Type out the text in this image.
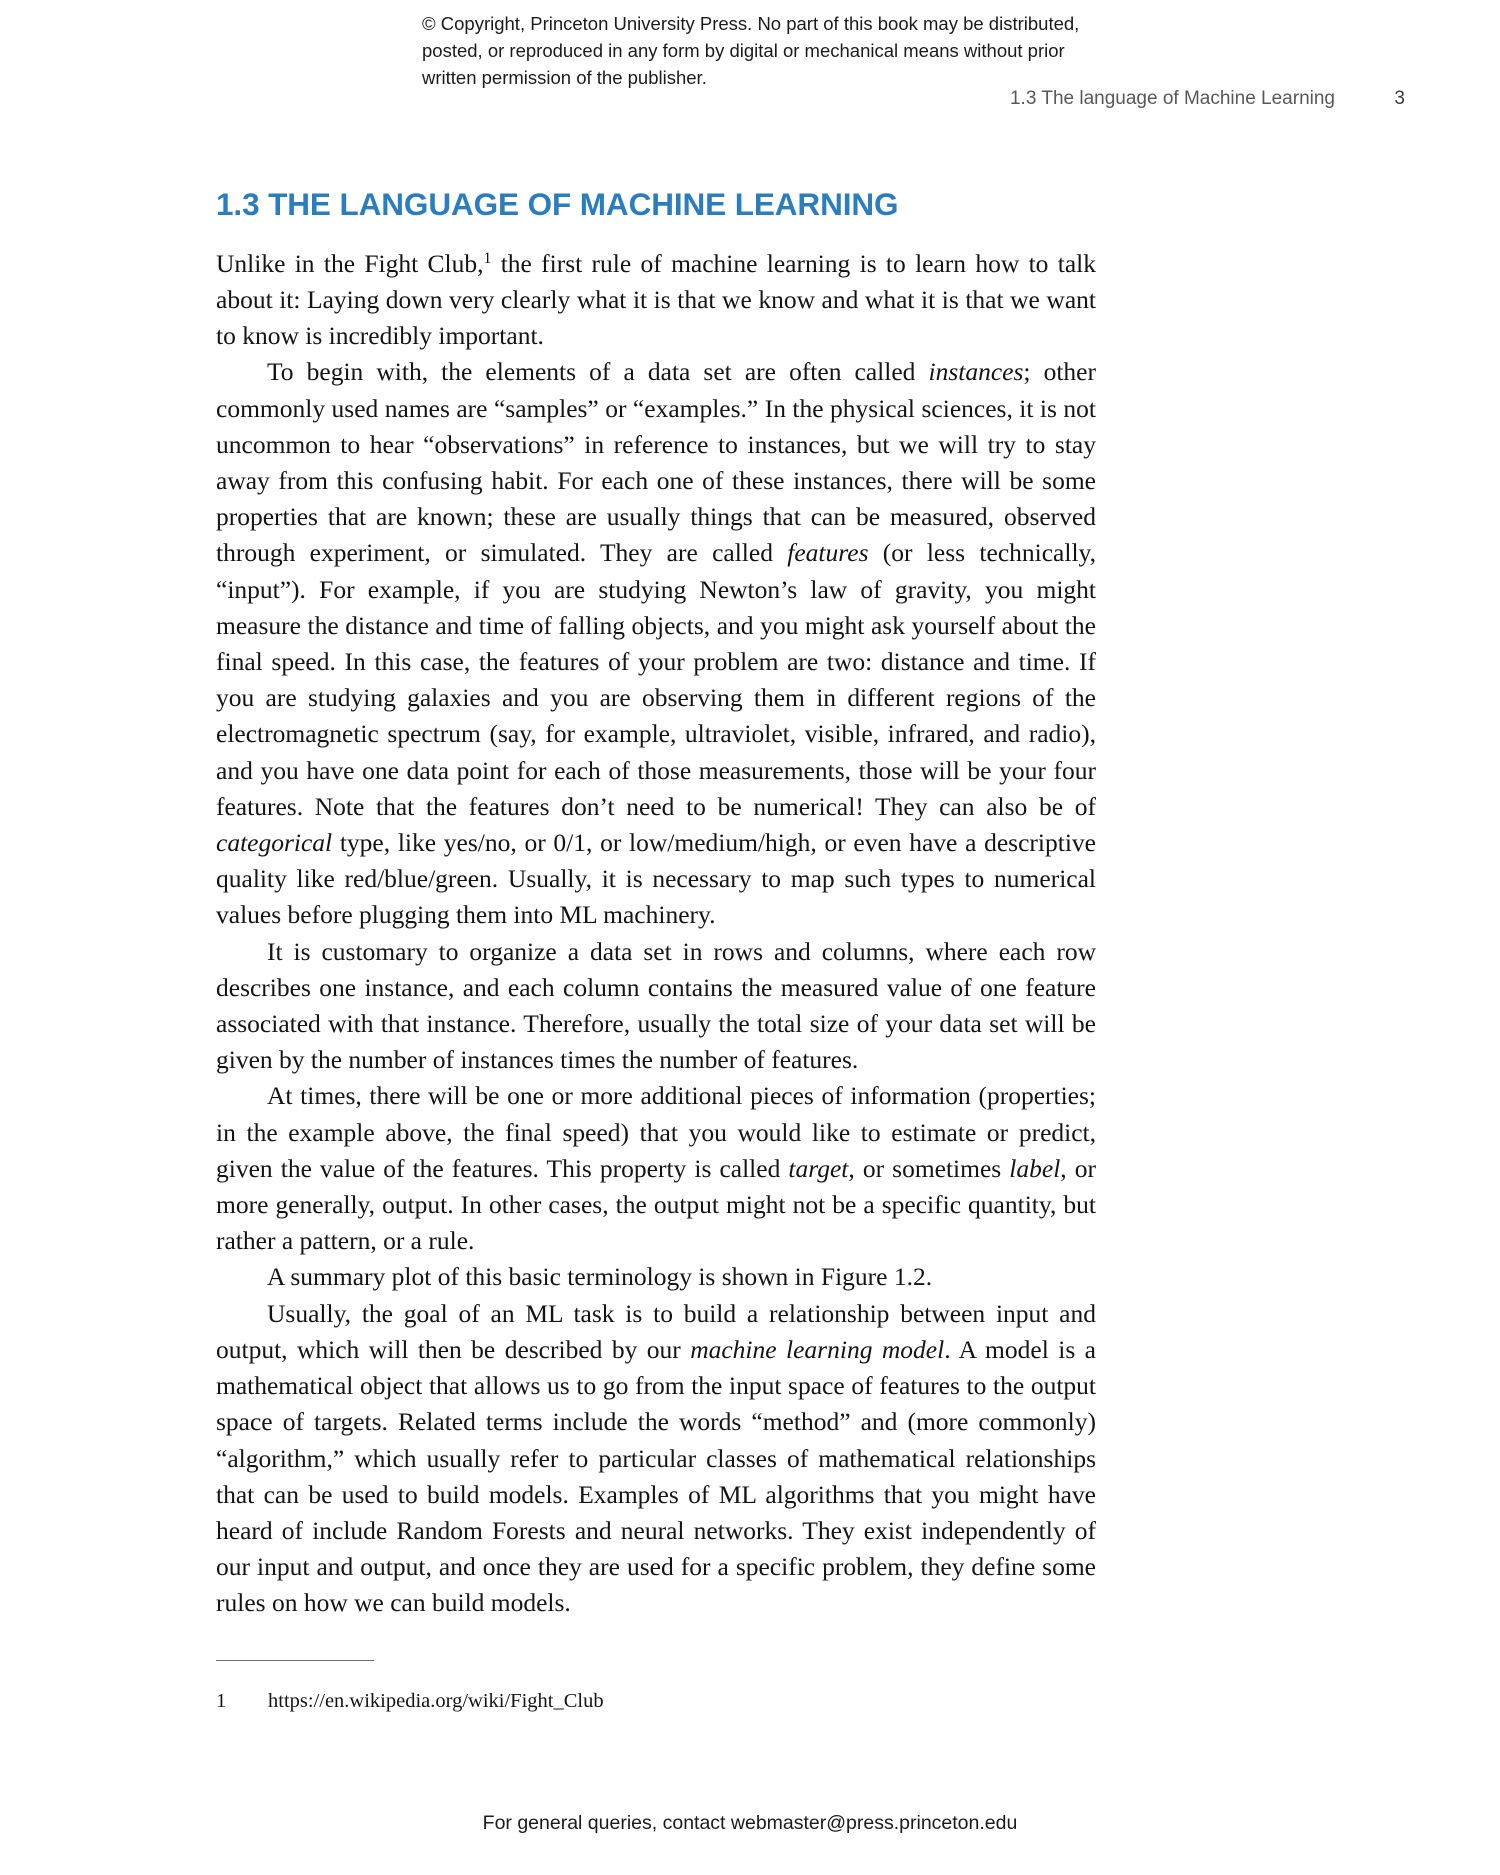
© Copyright, Princeton University Press. No part of this book may be distributed, posted, or reproduced in any form by digital or mechanical means without prior written permission of the publisher.
1.3 The language of Machine Learning	3
1.3 THE LANGUAGE OF MACHINE LEARNING

Unlike in the Fight Club,$^1$ the first rule of machine learning is to learn how to talk about it: Laying down very clearly what it is that we know and what it is that we want to know is incredibly important.

To begin with, the elements of a data set are often called instances; other commonly used names are “samples” or “examples.” In the physical sciences, it is not uncommon to hear “observations” in reference to instances, but we will try to stay away from this confusing habit. For each one of these instances, there will be some properties that are known; these are usually things that can be measured, observed through experiment, or simulated. They are called features (or less technically, “input”). For example, if you are studying Newton’s law of gravity, you might measure the distance and time of falling objects, and you might ask yourself about the final speed. In this case, the features of your problem are two: distance and time. If you are studying galaxies and you are observing them in different regions of the electromagnetic spectrum (say, for example, ultraviolet, visible, infrared, and radio), and you have one data point for each of those measurements, those will be your four features. Note that the features don’t need to be numerical! They can also be of categorical type, like yes/no, or 0/1, or low/medium/high, or even have a descriptive quality like red/blue/green. Usually, it is necessary to map such types to numerical values before plugging them into ML machinery.

It is customary to organize a data set in rows and columns, where each row describes one instance, and each column contains the measured value of one feature associated with that instance. Therefore, usually the total size of your data set will be given by the number of instances times the number of features.

At times, there will be one or more additional pieces of information (properties; in the example above, the final speed) that you would like to estimate or predict, given the value of the features. This property is called target, or sometimes label, or more generally, output. In other cases, the output might not be a specific quantity, but rather a pattern, or a rule.

A summary plot of this basic terminology is shown in Figure 1.2.

Usually, the goal of an ML task is to build a relationship between input and output, which will then be described by our machine learning model. A model is a mathematical object that allows us to go from the input space of features to the output space of targets. Related terms include the words “method” and (more commonly) “algorithm,” which usually refer to particular classes of mathematical relationships that can be used to build models. Examples of ML algorithms that you might have heard of include Random Forests and neural networks. They exist independently of our input and output, and once they are used for a specific problem, they define some rules on how we can build models.

1	https://en.wikipedia.org/wiki/Fight_Club
For general queries, contact webmaster@press.princeton.edu
